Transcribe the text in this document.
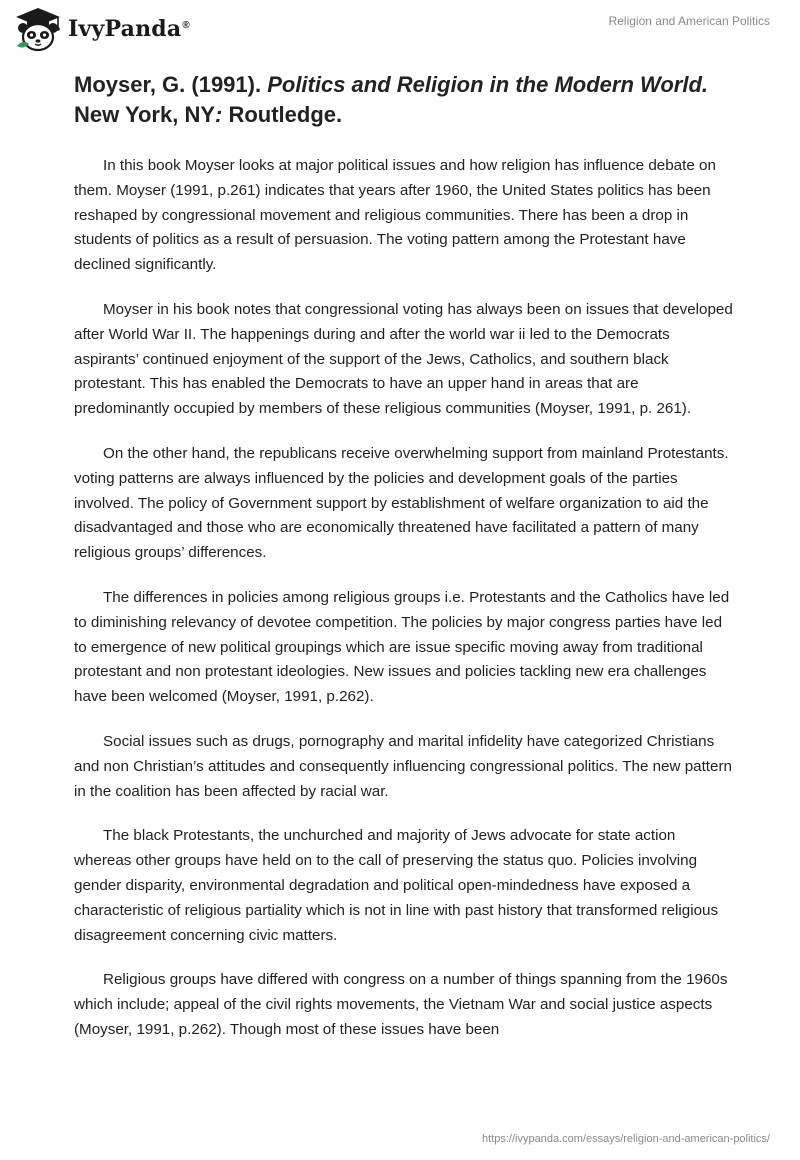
IvyPanda®	Religion and American Politics
Moyser, G. (1991). Politics and Religion in the Modern World. New York, NY: Routledge.

In this book Moyser looks at major political issues and how religion has influence debate on them. Moyser (1991, p.261) indicates that years after 1960, the United States politics has been reshaped by congressional movement and religious communities. There has been a drop in students of politics as a result of persuasion. The voting pattern among the Protestant have declined significantly.

Moyser in his book notes that congressional voting has always been on issues that developed after World War II. The happenings during and after the world war ii led to the Democrats aspirants’ continued enjoyment of the support of the Jews, Catholics, and southern black protestant. This has enabled the Democrats to have an upper hand in areas that are predominantly occupied by members of these religious communities (Moyser, 1991, p. 261).

On the other hand, the republicans receive overwhelming support from mainland Protestants. voting patterns are always influenced by the policies and development goals of the parties involved. The policy of Government support by establishment of welfare organization to aid the disadvantaged and those who are economically threatened have facilitated a pattern of many religious groups’ differences.

The differences in policies among religious groups i.e. Protestants and the Catholics have led to diminishing relevancy of devotee competition. The policies by major congress parties have led to emergence of new political groupings which are issue specific moving away from traditional protestant and non protestant ideologies. New issues and policies tackling new era challenges have been welcomed (Moyser, 1991, p.262).

Social issues such as drugs, pornography and marital infidelity have categorized Christians and non Christian’s attitudes and consequently influencing congressional politics. The new pattern in the coalition has been affected by racial war.

The black Protestants, the unchurched and majority of Jews advocate for state action whereas other groups have held on to the call of preserving the status quo. Policies involving gender disparity, environmental degradation and political open-mindedness have exposed a characteristic of religious partiality which is not in line with past history that transformed religious disagreement concerning civic matters.

Religious groups have differed with congress on a number of things spanning from the 1960s which include; appeal of the civil rights movements, the Vietnam War and social justice aspects (Moyser, 1991, p.262). Though most of these issues have been

https://ivypanda.com/essays/religion-and-american-politics/
